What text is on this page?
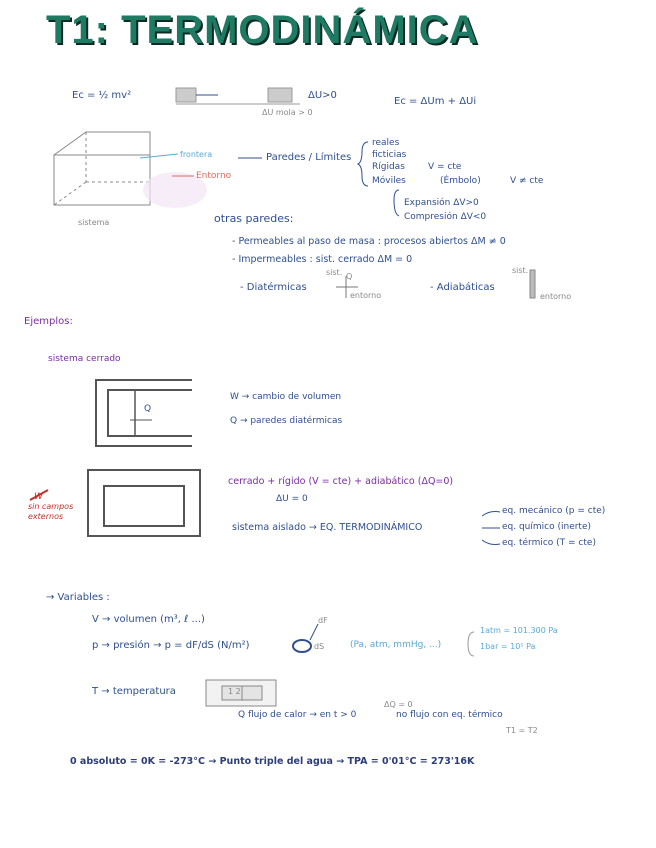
T1: TERMODINÁMICA
Ec = ½ mv²	ΔU>0
ΔU mola > 0
Ec = ΔUm + ΔUi
frontera
Entorno
sistema
Paredes / Límites
reales
ficticias
Rígidas	V = cte
Móviles	(Émbolo)	V ≠ cte
Expansión ΔV>0
Compresión ΔV<0
otras paredes:
- Permeables al paso de masa : procesos abiertos ΔM ≠ 0
- Impermeables : sist. cerrado ΔM = 0
- Diatérmicas
sist. Q
entorno
- Adiabáticas
sist.
entorno
Ejemplos:
sistema cerrado
Q
W → cambio de volumen
Q → paredes diatérmicas
W
sin campos externos
cerrado + rígido (V = cte) + adiabático (ΔQ=0)
ΔU = 0
sistema aislado → EQ. TERMODINÁMICO
eq. mecánico (p = cte)
eq. químico (inerte)
eq. térmico (T = cte)
→ Variables :
V → volumen (m³, ℓ ...)
p → presión → p = dF/dS (N/m²)
dF
dS	(Pa, atm, mmHg, ...)
1atm = 101.300 Pa
1bar = 10⁵ Pa
T → temperatura	1 2
ΔQ = 0
Q flujo de calor → en t > 0	no flujo con eq. térmico
T1 = T2
0 absoluto = 0K = -273°C → Punto triple del agua → TPA = 0'01°C = 273'16K
